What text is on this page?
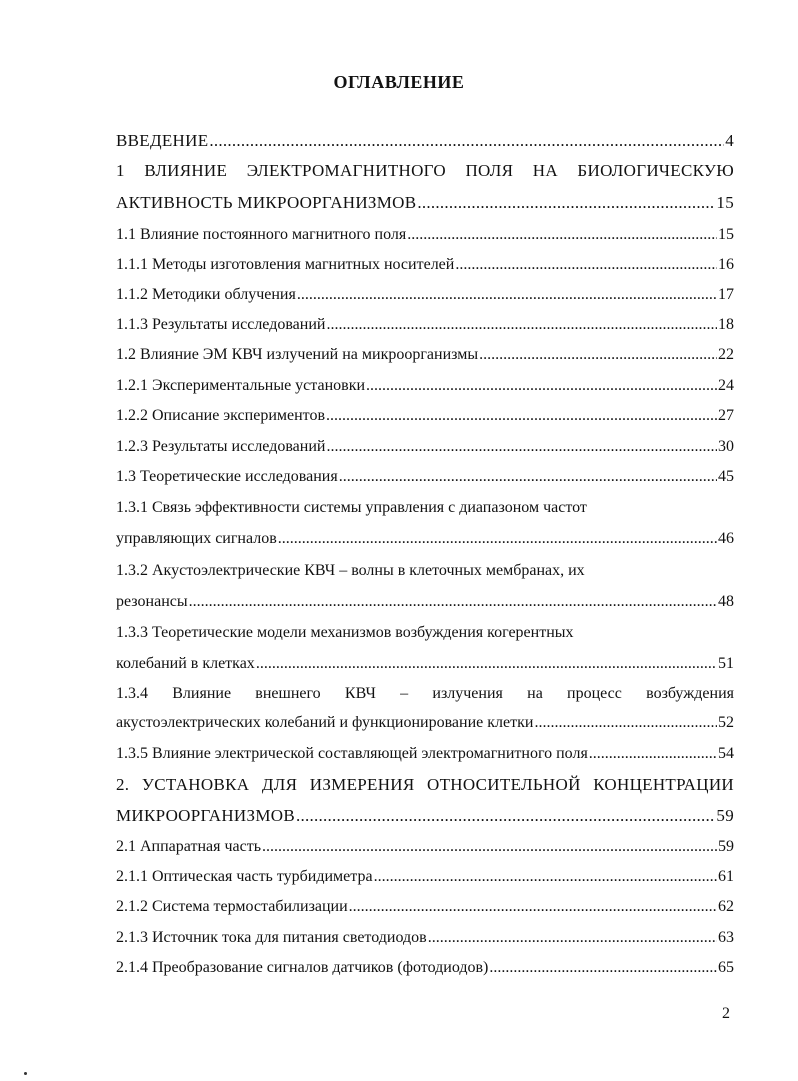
ОГЛАВЛЕНИЕ
ВВЕДЕНИЕ . . .	4
1 ВЛИЯНИЕ ЭЛЕКТРОМАГНИТНОГО ПОЛЯ НА БИОЛОГИЧЕСКУЮ
АКТИВНОСТЬ МИКРООРГАНИЗМОВ . . .	15
1.1 Влияние постоянного магнитного поля . . .	15
1.1.1 Методы изготовления магнитных носителей . . .	16
1.1.2 Методики облучения . . .	17
1.1.3 Результаты исследований . . .	18
1.2 Влияние ЭМ КВЧ излучений на микроорганизмы . . .	22
1.2.1 Экспериментальные установки . . .	24
1.2.2 Описание экспериментов . . .	27
1.2.3 Результаты исследований . . .	30
1.3 Теоретические исследования . . .	45
1.3.1 Связь эффективности системы управления с диапазоном частот
управляющих сигналов . . .	46
1.3.2 Акустоэлектрические КВЧ – волны в клеточных мембранах, их
резонансы . . .	48
1.3.3 Теоретические модели механизмов возбуждения когерентных
колебаний в клетках . . .	51
1.3.4 Влияние внешнего КВЧ – излучения на процесс возбуждения
акустоэлектрических колебаний и функционирование клетки . . .	52
1.3.5 Влияние электрической составляющей электромагнитного поля . . .	54
2. УСТАНОВКА ДЛЯ ИЗМЕРЕНИЯ ОТНОСИТЕЛЬНОЙ КОНЦЕНТРАЦИИ
МИКРООРГАНИЗМОВ . . .	59
2.1 Аппаратная часть . . .	59
2.1.1 Оптическая часть турбидиметра . . .	61
2.1.2 Система термостабилизации . . .	62
2.1.3 Источник тока для питания светодиодов . . .	63
2.1.4 Преобразование сигналов датчиков (фотодиодов) . . .	65
2
